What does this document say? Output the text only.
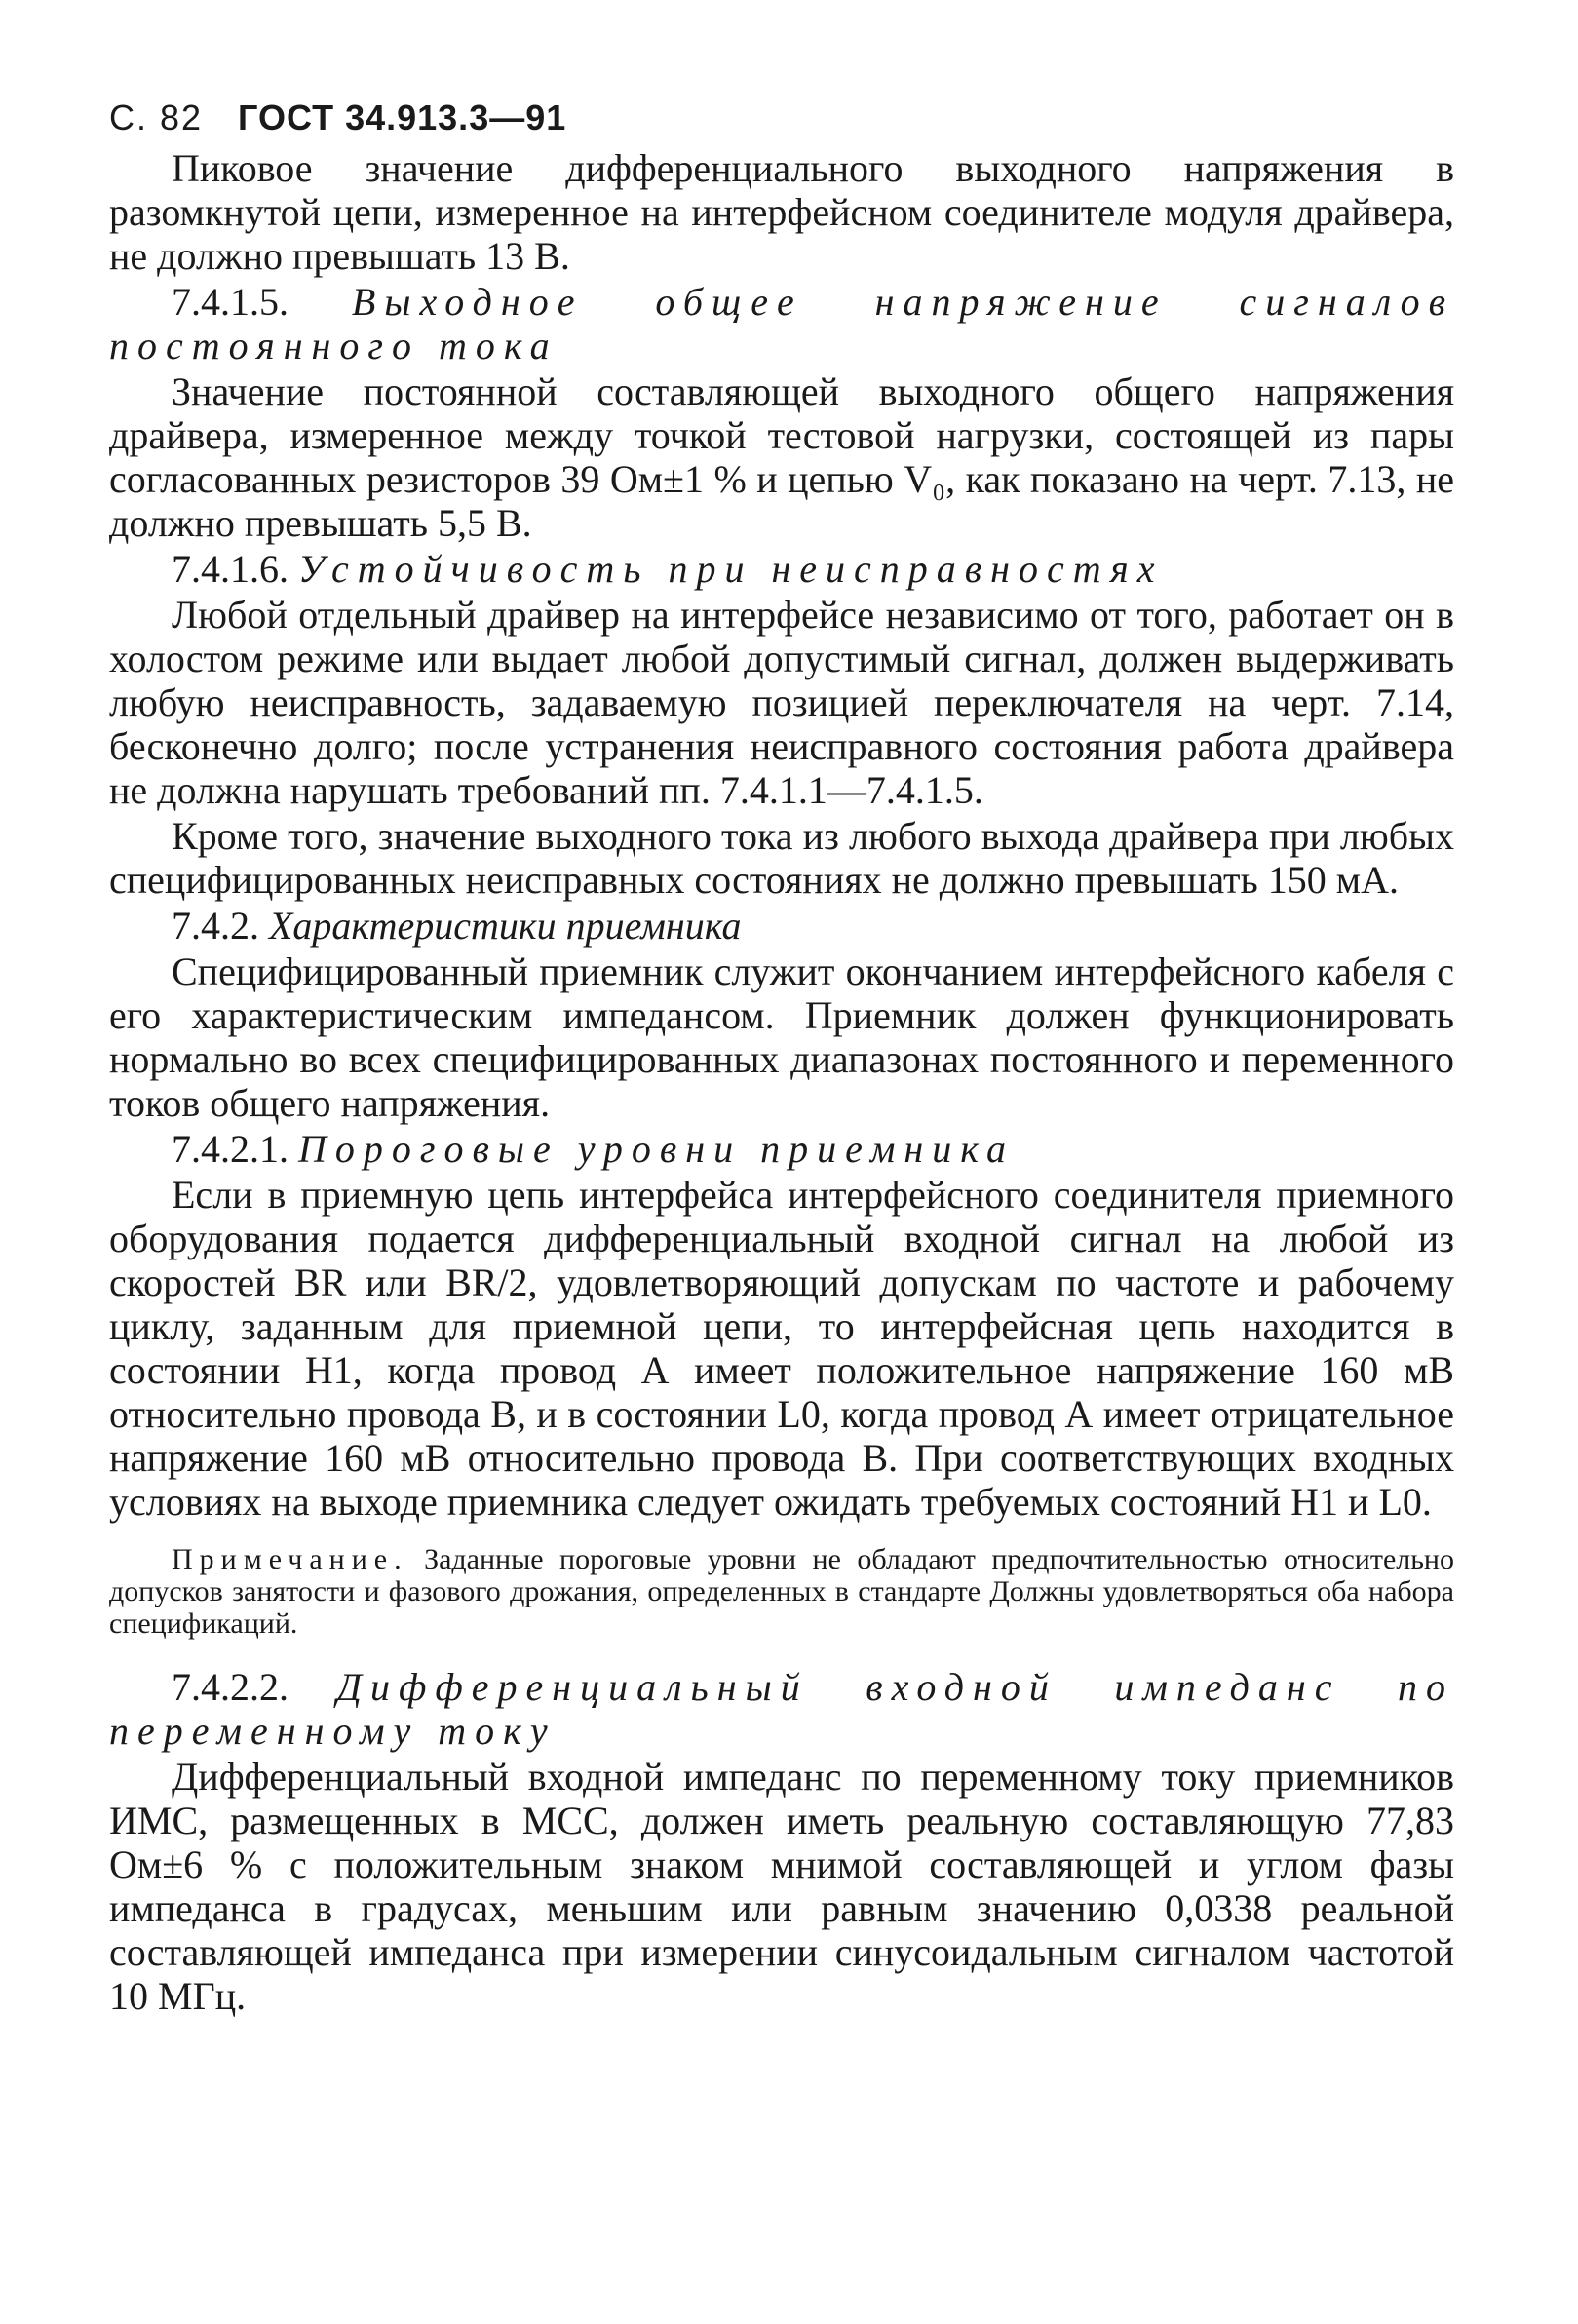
С. 82 ГОСТ 34.913.3—91

Пиковое значение дифференциального выходного напряжения в разомкнутой цепи, измеренное на интерфейсном соединителе модуля драйвера, не должно превышать 13 В.

7.4.1.5. Выходное общее напряжение сигналов постоянного тока

Значение постоянной составляющей выходного общего напряжения драйвера, измеренное между точкой тестовой нагрузки, состоящей из пары согласованных резисторов 39 Ом±1 % и цепью V₀, как показано на черт. 7.13, не должно превышать 5,5 В.

7.4.1.6. Устойчивость при неисправностях

Любой отдельный драйвер на интерфейсе независимо от того, работает он в холостом режиме или выдает любой допустимый сигнал, должен выдерживать любую неисправность, задаваемую позицией переключателя на черт. 7.14, бесконечно долго; после устранения неисправного состояния работа драйвера не должна нарушать требований пп. 7.4.1.1—7.4.1.5.

Кроме того, значение выходного тока из любого выхода драйвера при любых специфицированных неисправных состояниях не должно превышать 150 мА.

7.4.2. Характеристики приемника

Специфицированный приемник служит окончанием интерфейсного кабеля с его характеристическим импедансом. Приемник должен функционировать нормально во всех специфицированных диапазонах постоянного и переменного токов общего напряжения.

7.4.2.1. Пороговые уровни приемника

Если в приемную цепь интерфейса интерфейсного соединителя приемного оборудования подается дифференциальный входной сигнал на любой из скоростей BR или BR/2, удовлетворяющий допускам по частоте и рабочему циклу, заданным для приемной цепи, то интерфейсная цепь находится в состоянии H1, когда провод А имеет положительное напряжение 160 мВ относительно провода В, и в состоянии L0, когда провод А имеет отрицательное напряжение 160 мВ относительно провода В. При соответствующих входных условиях на выходе приемника следует ожидать требуемых состояний H1 и L0.

Примечание. Заданные пороговые уровни не обладают предпочтительностью относительно допусков занятости и фазового дрожания, определенных в стандарте Должны удовлетворяться оба набора спецификаций.

7.4.2.2. Дифференциальный входной импеданс по переменному току

Дифференциальный входной импеданс по переменному току приемников ИМС, размещенных в МСС, должен иметь реальную составляющую 77,83 Ом±6 % с положительным знаком мнимой составляющей и углом фазы импеданса в градусах, меньшим или равным значению 0,0338 реальной составляющей импеданса при измерении синусоидальным сигналом частотой 10 МГц.
